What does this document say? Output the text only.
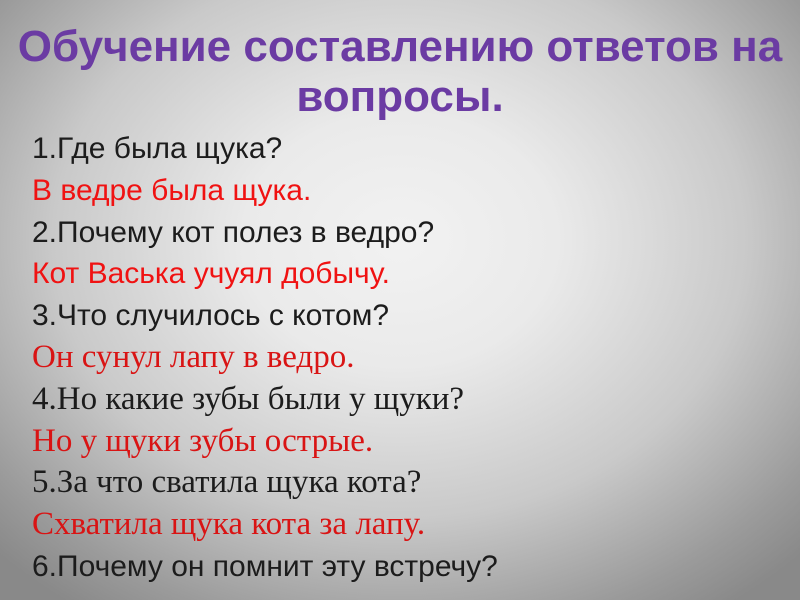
Обучение составлению ответов на
вопросы.
1.Где была щука?
В ведре была щука.
2.Почему кот полез в ведро?
Кот Васька учуял добычу.
3.Что случилось с котом?
Он сунул лапу в ведро.
4.Но какие зубы были у щуки?
Но у щуки зубы острые.
5.За что сватила щука кота?
Схватила щука кота за лапу.
6.Почему он помнит эту встречу?
